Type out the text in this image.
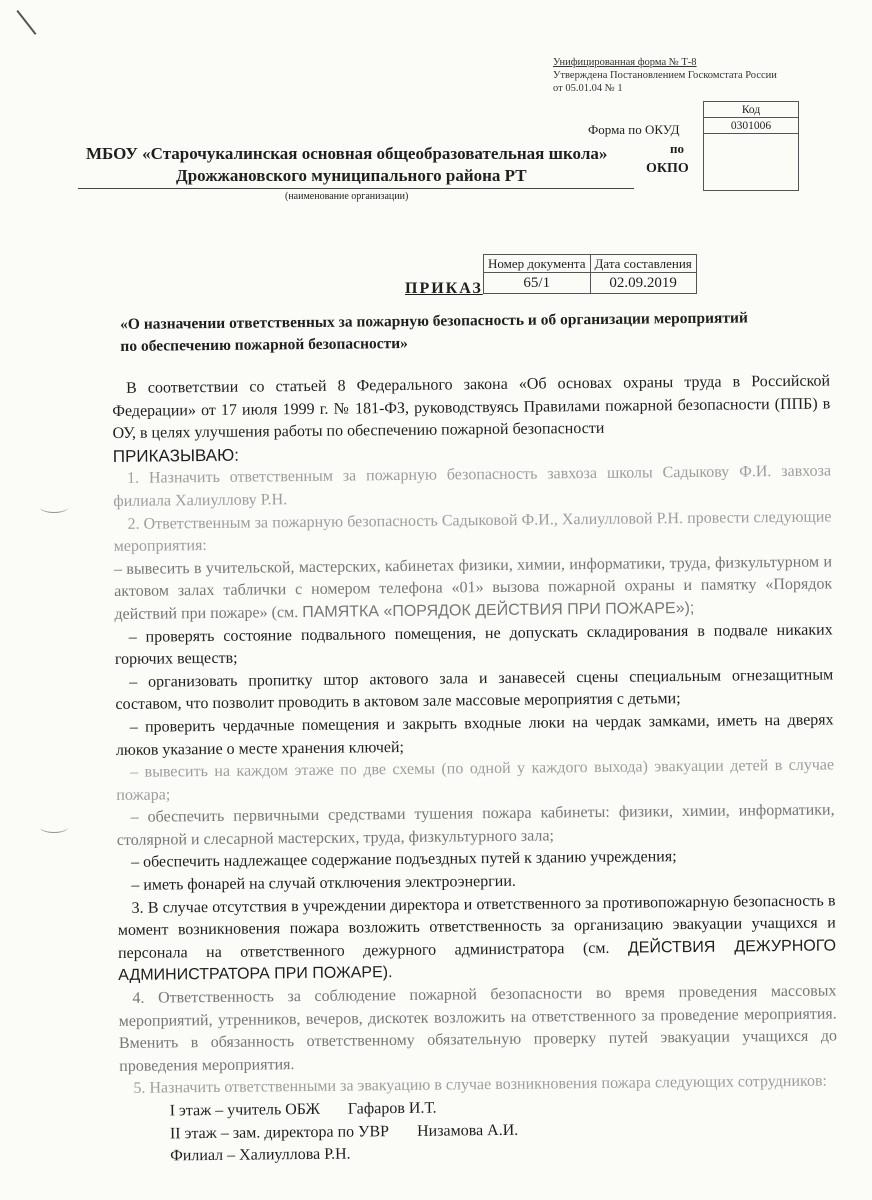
Унифицированная форма № Т-8
Утверждена Постановлением Госкомстата России
от 05.01.04 № 1
Код
0301006

Форма по ОКУД
по
ОКПО
МБОУ «Старочукалинская основная общеобразовательная школа»
Дрожжановского муниципального района РТ
(наименование организации)
Номер документа	Дата составления
65/1	02.09.2019
ПРИКАЗ
«О назначении ответственных за пожарную безопасность и об организации мероприятий
по обеспечению пожарной безопасности»

В соответствии со статьей 8 Федерального закона «Об основах охраны труда в Российской Федерации» от 17 июля 1999 г. № 181-ФЗ, руководствуясь Правилами пожарной безопасности (ППБ) в ОУ, в целях улучшения работы по обеспечению пожарной безопасности

ПРИКАЗЫВАЮ:

1. Назначить ответственным за пожарную безопасность завхоза школы Садыкову Ф.И. завхоза филиала Халиуллову Р.Н.

2. Ответственным за пожарную безопасность Садыковой Ф.И., Халиулловой Р.Н. провести следующие мероприятия:

– вывесить в учительской, мастерских, кабинетах физики, химии, информатики, труда, физкультурном и актовом залах таблички с номером телефона «01» вызова пожарной охраны и памятку «Порядок действий при пожаре» (см. ПАМЯТКА «ПОРЯДОК ДЕЙСТВИЯ ПРИ ПОЖАРЕ»);

– проверять состояние подвального помещения, не допускать складирования в подвале никаких горючих веществ;

– организовать пропитку штор актового зала и занавесей сцены специальным огнезащитным составом, что позволит проводить в актовом зале массовые мероприятия с детьми;

– проверить чердачные помещения и закрыть входные люки на чердак замками, иметь на дверях люков указание о месте хранения ключей;

– вывесить на каждом этаже по две схемы (по одной у каждого выхода) эвакуации детей в случае пожара;

– обеспечить первичными средствами тушения пожара кабинеты: физики, химии, информатики, столярной и слесарной мастерских, труда, физкультурного зала;

– обеспечить надлежащее содержание подъездных путей к зданию учреждения;

– иметь фонарей на случай отключения электроэнергии.

3. В случае отсутствия в учреждении директора и ответственного за противопожарную безопасность в момент возникновения пожара возложить ответственность за организацию эвакуации учащихся и персонала на ответственного дежурного администратора (см. ДЕЙСТВИЯ ДЕЖУРНОГО АДМИНИСТРАТОРА ПРИ ПОЖАРЕ).

4. Ответственность за соблюдение пожарной безопасности во время проведения массовых мероприятий, утренников, вечеров, дискотек возложить на ответственного за проведение мероприятия. Вменить в обязанность ответственному обязательную проверку путей эвакуации учащихся до проведения мероприятия.

5. Назначить ответственными за эвакуацию в случае возникновения пожара следующих сотрудников:

I этаж – учитель ОБЖ Гафаров И.Т.

II этаж – зам. директора по УВР Низамова А.И.

Филиал – Халиуллова Р.Н.
